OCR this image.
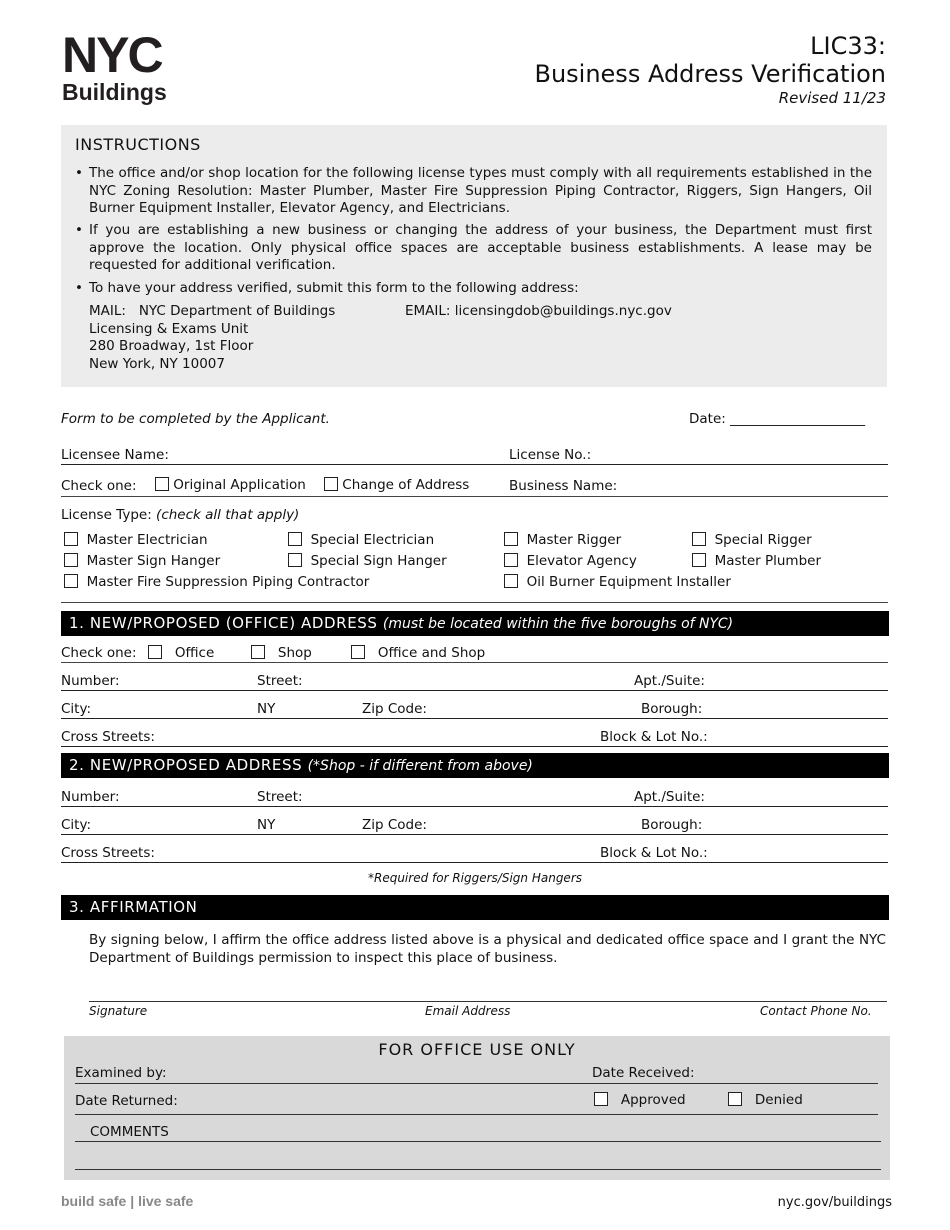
NYC
Buildings
LIC33:
Business Address Verification
Revised 11/23
INSTRUCTIONS
• The office and/or shop location for the following license types must comply with all requirements established in the NYC Zoning Resolution: Master Plumber, Master Fire Suppression Piping Contractor, Riggers, Sign Hangers, Oil Burner Equipment Installer, Elevator Agency, and Electricians.
• If you are establishing a new business or changing the address of your business, the Department must first approve the location. Only physical office spaces are acceptable business establishments. A lease may be requested for additional verification.
• To have your address verified, submit this form to the following address:
MAIL: NYC Department of Buildings
Licensing & Exams Unit
280 Broadway, 1st Floor
New York, NY 10007
EMAIL: licensingdob@buildings.nyc.gov
Form to be completed by the Applicant.	Date: ____________________
Licensee Name:	License No.:
Check one:	Original Application	Change of Address	Business Name:
License Type: (check all that apply)
Master Electrician	Special Electrician	Master Rigger	Special Rigger
Master Sign Hanger	Special Sign Hanger	Elevator Agency	Master Plumber
Master Fire Suppression Piping Contractor	Oil Burner Equipment Installer
1. NEW/PROPOSED (OFFICE) ADDRESS (must be located within the five boroughs of NYC)
Check one:	Office	Shop	Office and Shop
Number:	Street:	Apt./Suite:
City:	NY	Zip Code:	Borough:
Cross Streets:	Block & Lot No.:
2. NEW/PROPOSED ADDRESS (*Shop - if different from above)
Number:	Street:	Apt./Suite:
City:	NY	Zip Code:	Borough:
Cross Streets:	Block & Lot No.:
*Required for Riggers/Sign Hangers
3. AFFIRMATION
By signing below, I affirm the office address listed above is a physical and dedicated office space and I grant the NYC Department of Buildings permission to inspect this place of business.
Signature	Email Address	Contact Phone No.
FOR OFFICE USE ONLY
Examined by:	Date Received:
Date Returned:	Approved	Denied
COMMENTS
build safe | live safe	nyc.gov/buildings
